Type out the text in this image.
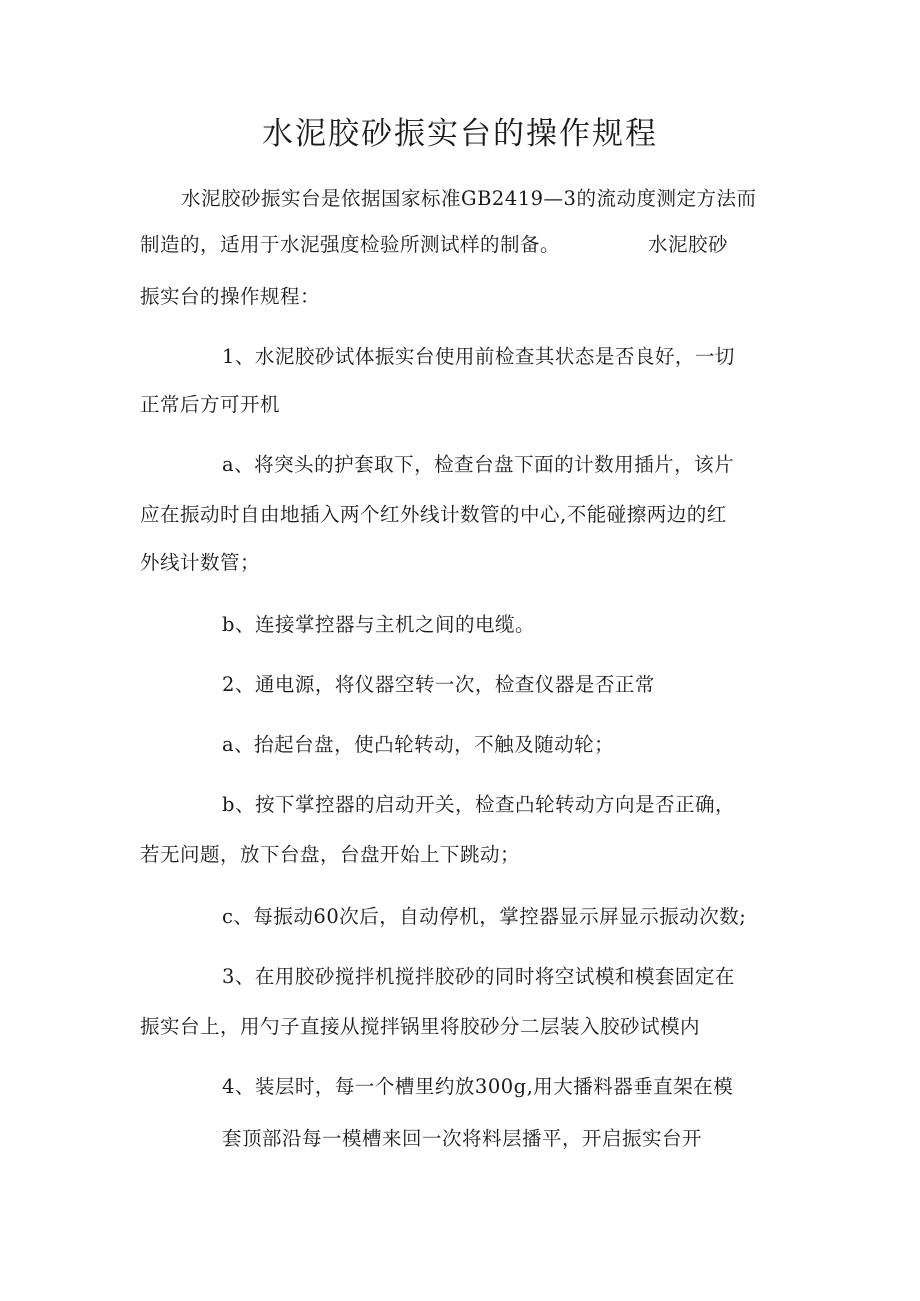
水泥胶砂振实台的操作规程

水泥胶砂振实台是依据国家标准GB2419—3的流动度测定方法而

制造的，适用于水泥强度检验所测试样的制备。	水泥胶砂

振实台的操作规程：

1、水泥胶砂试体振实台使用前检查其状态是否良好，一切

正常后方可开机

a、将突头的护套取下，检查台盘下面的计数用插片，该片

应在振动时自由地插入两个红外线计数管的中心,不能碰擦两边的红

外线计数管；

b、连接掌控器与主机之间的电缆。

2、通电源，将仪器空转一次，检查仪器是否正常

a、抬起台盘，使凸轮转动，不触及随动轮；

b、按下掌控器的启动开关，检查凸轮转动方向是否正确，

若无问题，放下台盘，台盘开始上下跳动；

c、每振动60次后，自动停机，掌控器显示屏显示振动次数;

3、在用胶砂搅拌机搅拌胶砂的同时将空试模和模套固定在

振实台上，用勺子直接从搅拌锅里将胶砂分二层装入胶砂试模内

4、装层时，每一个槽里约放300g,用大播料器垂直架在模

套顶部沿每一模槽来回一次将料层播平，开启振实台开
